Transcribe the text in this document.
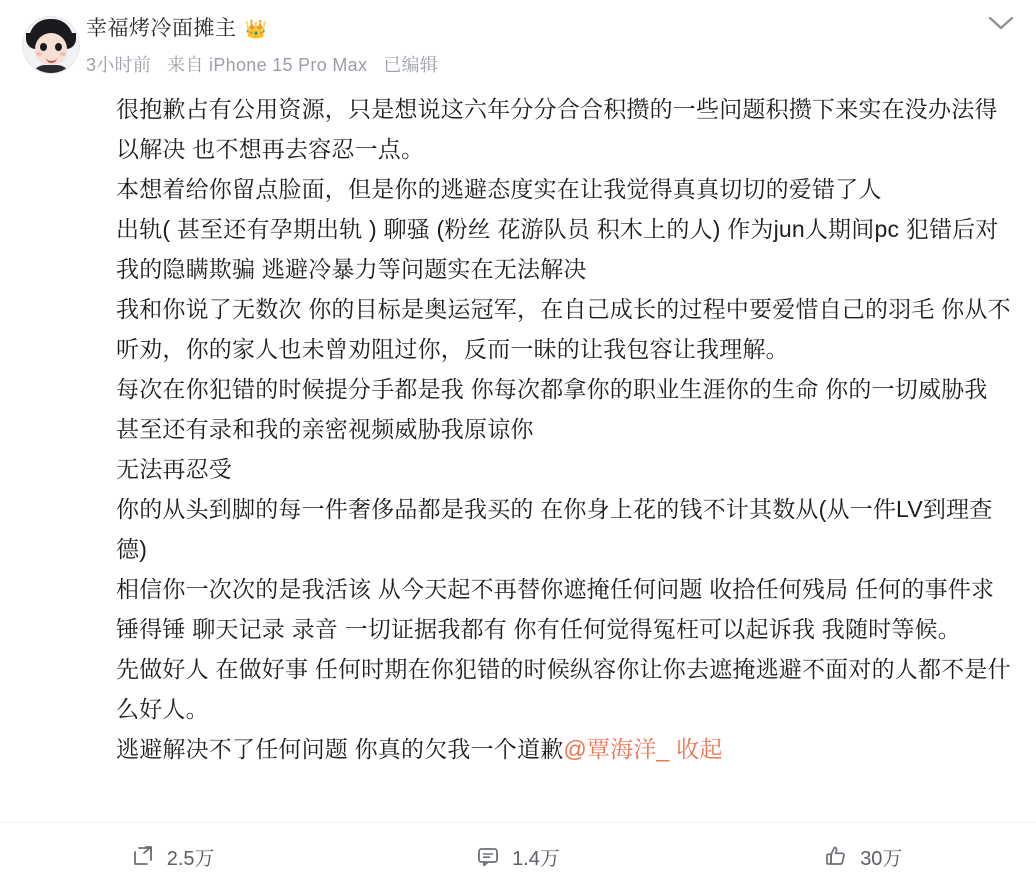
幸福烤冷面摊主 👑
3小时前 来自 iPhone 15 Pro Max 已编辑

很抱歉占有公用资源，只是想说这六年分分合合积攒的一些问题积攒下来实在没办法得以解决 也不想再去容忍一点。

本想着给你留点脸面，但是你的逃避态度实在让我觉得真真切切的爱错了人

出轨( 甚至还有孕期出轨 ) 聊骚 (粉丝 花游队员 积木上的人) 作为jun人期间pc 犯错后对我的隐瞒欺骗 逃避冷暴力等问题实在无法解决

我和你说了无数次 你的目标是奥运冠军，在自己成长的过程中要爱惜自己的羽毛 你从不听劝，你的家人也未曾劝阻过你，反而一昧的让我包容让我理解。

每次在你犯错的时候提分手都是我 你每次都拿你的职业生涯你的生命 你的一切威胁我 甚至还有录和我的亲密视频威胁我原谅你

无法再忍受

你的从头到脚的每一件奢侈品都是我买的 在你身上花的钱不计其数从(从一件LV到理查德)

相信你一次次的是我活该 从今天起不再替你遮掩任何问题 收拾任何残局 任何的事件求锤得锤 聊天记录 录音 一切证据我都有 你有任何觉得冤枉可以起诉我 我随时等候。

先做好人 在做好事 任何时期在你犯错的时候纵容你让你去遮掩逃避不面对的人都不是什么好人。

逃避解决不了任何问题 你真的欠我一个道歉@覃海洋_ 收起

2.5万	1.4万	30万
